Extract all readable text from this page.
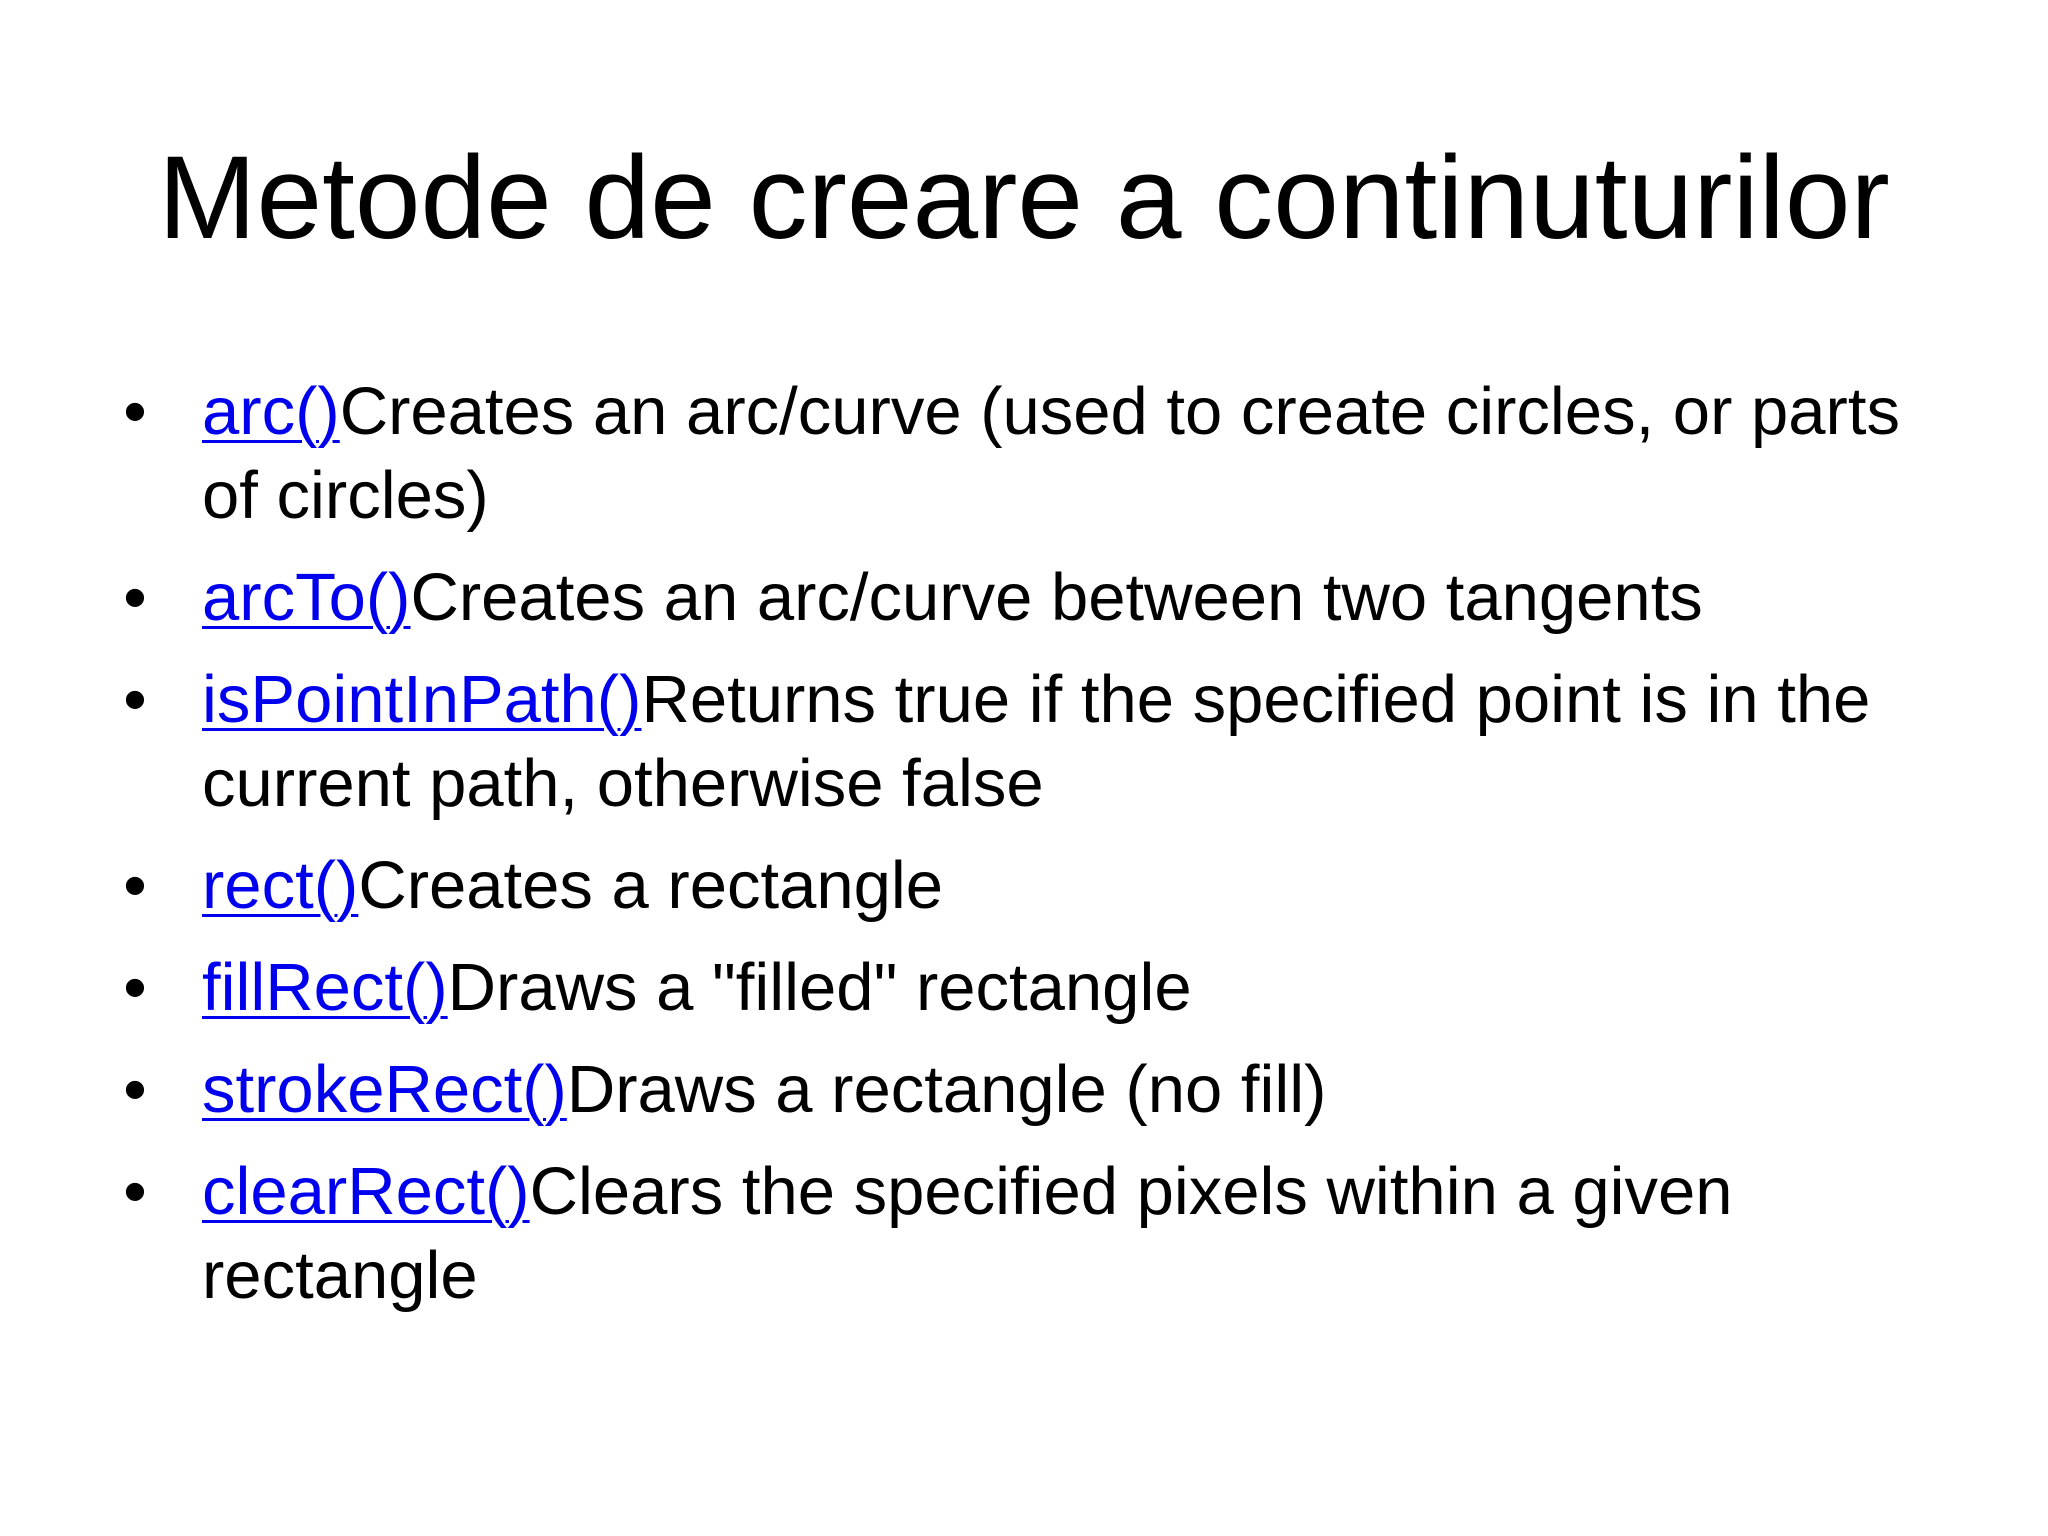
Metode de creare a continuturilor
• arc()Creates an arc/curve (used to create circles, or parts of circles)
• arcTo()Creates an arc/curve between two tangents
• isPointInPath()Returns true if the specified point is in the current path, otherwise false
• rect()Creates a rectangle
• fillRect()Draws a "filled" rectangle
• strokeRect()Draws a rectangle (no fill)
• clearRect()Clears the specified pixels within a given rectangle
